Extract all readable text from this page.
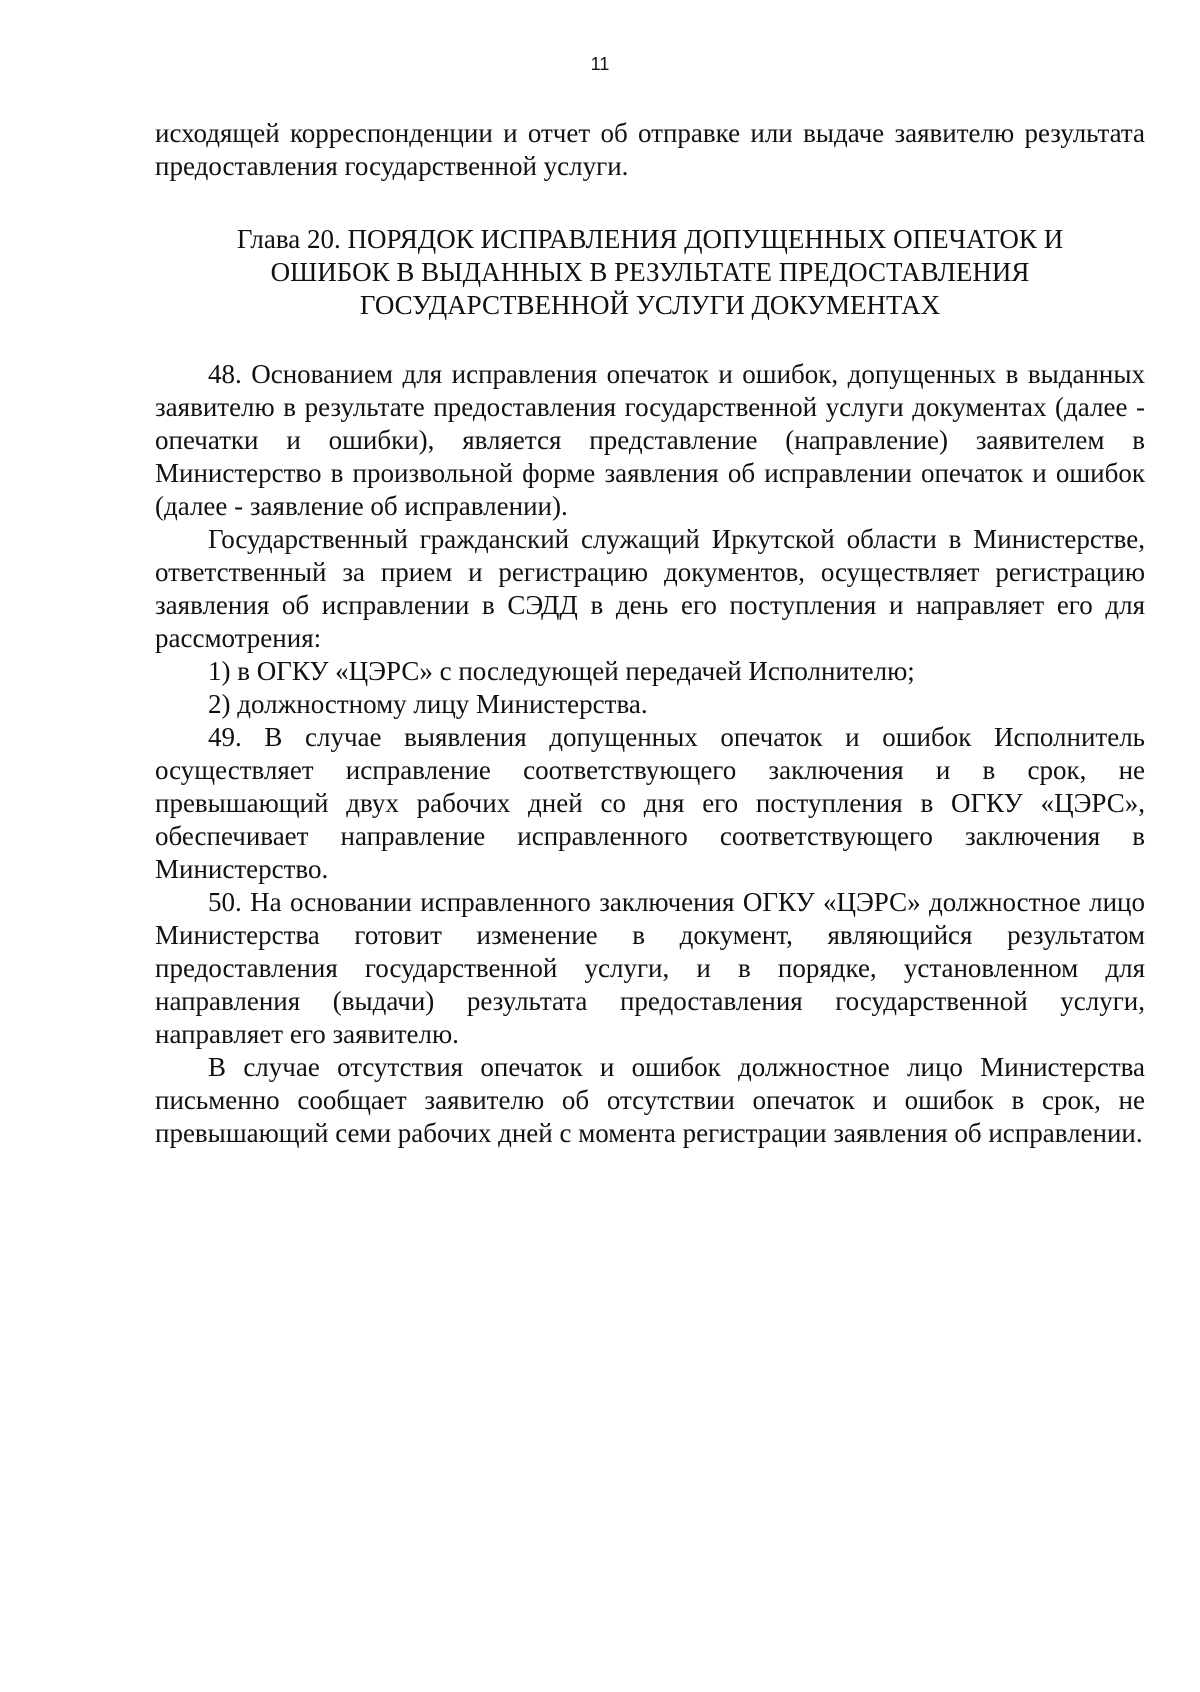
11

исходящей корреспонденции и отчет об отправке или выдаче заявителю результата предоставления государственной услуги.

Глава 20. ПОРЯДОК ИСПРАВЛЕНИЯ ДОПУЩЕННЫХ ОПЕЧАТОК И
ОШИБОК В ВЫДАННЫХ В РЕЗУЛЬТАТЕ ПРЕДОСТАВЛЕНИЯ
ГОСУДАРСТВЕННОЙ УСЛУГИ ДОКУМЕНТАХ

48. Основанием для исправления опечаток и ошибок, допущенных в выданных заявителю в результате предоставления государственной услуги документах (далее - опечатки и ошибки), является представление (направление) заявителем в Министерство в произвольной форме заявления об исправлении опечаток и ошибок (далее - заявление об исправлении).

Государственный гражданский служащий Иркутской области в Министерстве, ответственный за прием и регистрацию документов, осуществляет регистрацию заявления об исправлении в СЭДД в день его поступления и направляет его для рассмотрения:

1) в ОГКУ «ЦЭРС» с последующей передачей Исполнителю;

2) должностному лицу Министерства.

49. В случае выявления допущенных опечаток и ошибок Исполнитель осуществляет исправление соответствующего заключения и в срок, не превышающий двух рабочих дней со дня его поступления в ОГКУ «ЦЭРС», обеспечивает направление исправленного соответствующего заключения в Министерство.

50. На основании исправленного заключения ОГКУ «ЦЭРС» должностное лицо Министерства готовит изменение в документ, являющийся результатом предоставления государственной услуги, и в порядке, установленном для направления (выдачи) результата предоставления государственной услуги, направляет его заявителю.

В случае отсутствия опечаток и ошибок должностное лицо Министерства письменно сообщает заявителю об отсутствии опечаток и ошибок в срок, не превышающий семи рабочих дней с момента регистрации заявления об исправлении.
